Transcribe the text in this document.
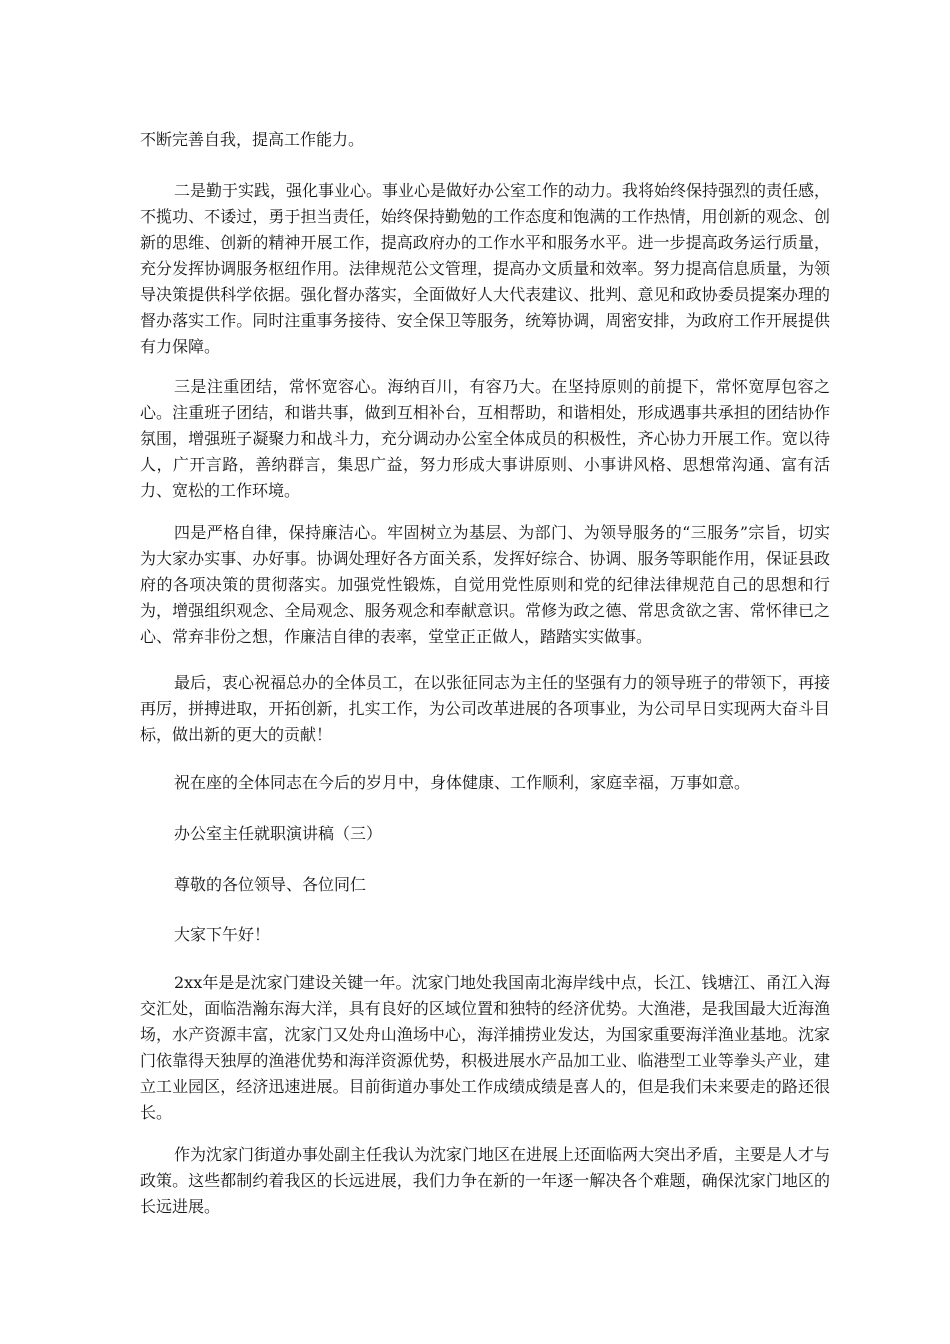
不断完善自我，提高工作能力。

二是勤于实践，强化事业心。事业心是做好办公室工作的动力。我将始终保持强烈的责任感，不揽功、不诿过，勇于担当责任，始终保持勤勉的工作态度和饱满的工作热情，用创新的观念、创新的思维、创新的精神开展工作，提高政府办的工作水平和服务水平。进一步提高政务运行质量，充分发挥协调服务枢纽作用。法律规范公文管理，提高办文质量和效率。努力提高信息质量，为领导决策提供科学依据。强化督办落实，全面做好人大代表建议、批判、意见和政协委员提案办理的督办落实工作。同时注重事务接待、安全保卫等服务，统筹协调，周密安排，为政府工作开展提供有力保障。

三是注重团结，常怀宽容心。海纳百川，有容乃大。在坚持原则的前提下，常怀宽厚包容之心。注重班子团结，和谐共事，做到互相补台，互相帮助，和谐相处，形成遇事共承担的团结协作氛围，增强班子凝聚力和战斗力，充分调动办公室全体成员的积极性，齐心协力开展工作。宽以待人，广开言路，善纳群言，集思广益，努力形成大事讲原则、小事讲风格、思想常沟通、富有活力、宽松的工作环境。

四是严格自律，保持廉洁心。牢固树立为基层、为部门、为领导服务的“三服务”宗旨，切实为大家办实事、办好事。协调处理好各方面关系，发挥好综合、协调、服务等职能作用，保证县政府的各项决策的贯彻落实。加强党性锻炼，自觉用党性原则和党的纪律法律规范自己的思想和行为，增强组织观念、全局观念、服务观念和奉献意识。常修为政之德、常思贪欲之害、常怀律已之心、常弃非份之想，作廉洁自律的表率，堂堂正正做人，踏踏实实做事。

最后，衷心祝福总办的全体员工，在以张征同志为主任的坚强有力的领导班子的带领下，再接再厉，拼搏进取，开拓创新，扎实工作，为公司改革进展的各项事业，为公司早日实现两大奋斗目标，做出新的更大的贡献！

祝在座的全体同志在今后的岁月中，身体健康、工作顺利，家庭幸福，万事如意。

办公室主任就职演讲稿（三）

尊敬的各位领导、各位同仁

大家下午好！

2xx年是是沈家门建设关键一年。沈家门地处我国南北海岸线中点，长江、钱塘江、甬江入海交汇处，面临浩瀚东海大洋，具有良好的区域位置和独特的经济优势。大渔港，是我国最大近海渔场，水产资源丰富，沈家门又处舟山渔场中心，海洋捕捞业发达，为国家重要海洋渔业基地。沈家门依靠得天独厚的渔港优势和海洋资源优势，积极进展水产品加工业、临港型工业等拳头产业，建立工业园区，经济迅速进展。目前街道办事处工作成绩成绩是喜人的，但是我们未来要走的路还很长。

作为沈家门街道办事处副主任我认为沈家门地区在进展上还面临两大突出矛盾，主要是人才与政策。这些都制约着我区的长远进展，我们力争在新的一年逐一解决各个难题，确保沈家门地区的长远进展。
